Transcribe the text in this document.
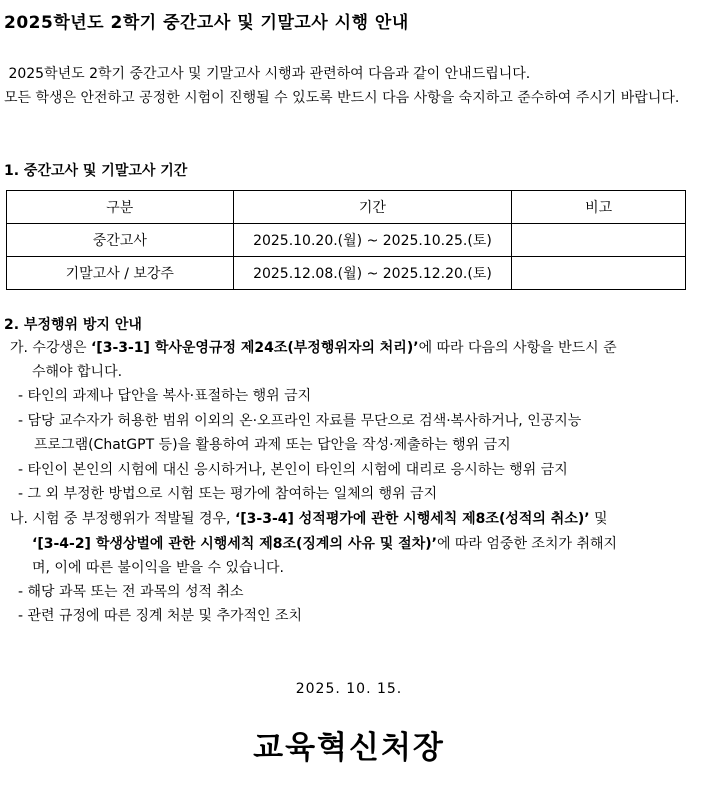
2025학년도 2학기 중간고사 및 기말고사 시행 안내

2025학년도 2학기 중간고사 및 기말고사 시행과 관련하여 다음과 같이 안내드립니다.

모든 학생은 안전하고 공정한 시험이 진행될 수 있도록 반드시 다음 사항을 숙지하고 준수하여 주시기 바랍니다.

1. 중간고사 및 기말고사 기간
구분	기간	비고
중간고사	2025.10.20.(월) ~ 2025.10.25.(토)	
기말고사 / 보강주	2025.12.08.(월) ~ 2025.12.20.(토)	
2. 부정행위 방지 안내
가. 수강생은 ‘[3-3-1] 학사운영규정 제24조(부정행위자의 처리)’에 따라 다음의 사항을 반드시 준
수해야 합니다.
- 타인의 과제나 답안을 복사·표절하는 행위 금지
- 담당 교수자가 허용한 범위 이외의 온·오프라인 자료를 무단으로 검색·복사하거나, 인공지능
프로그램(ChatGPT 등)을 활용하여 과제 또는 답안을 작성·제출하는 행위 금지
- 타인이 본인의 시험에 대신 응시하거나, 본인이 타인의 시험에 대리로 응시하는 행위 금지
- 그 외 부정한 방법으로 시험 또는 평가에 참여하는 일체의 행위 금지
나. 시험 중 부정행위가 적발될 경우, ‘[3-3-4] 성적평가에 관한 시행세칙 제8조(성적의 취소)’ 및
‘[3-4-2] 학생상벌에 관한 시행세칙 제8조(징계의 사유 및 절차)’에 따라 엄중한 조치가 취해지
며, 이에 따른 불이익을 받을 수 있습니다.
- 해당 과목 또는 전 과목의 성적 취소
- 관련 규정에 따른 징계 처분 및 추가적인 조치
2025. 10. 15.
교육혁신처장
